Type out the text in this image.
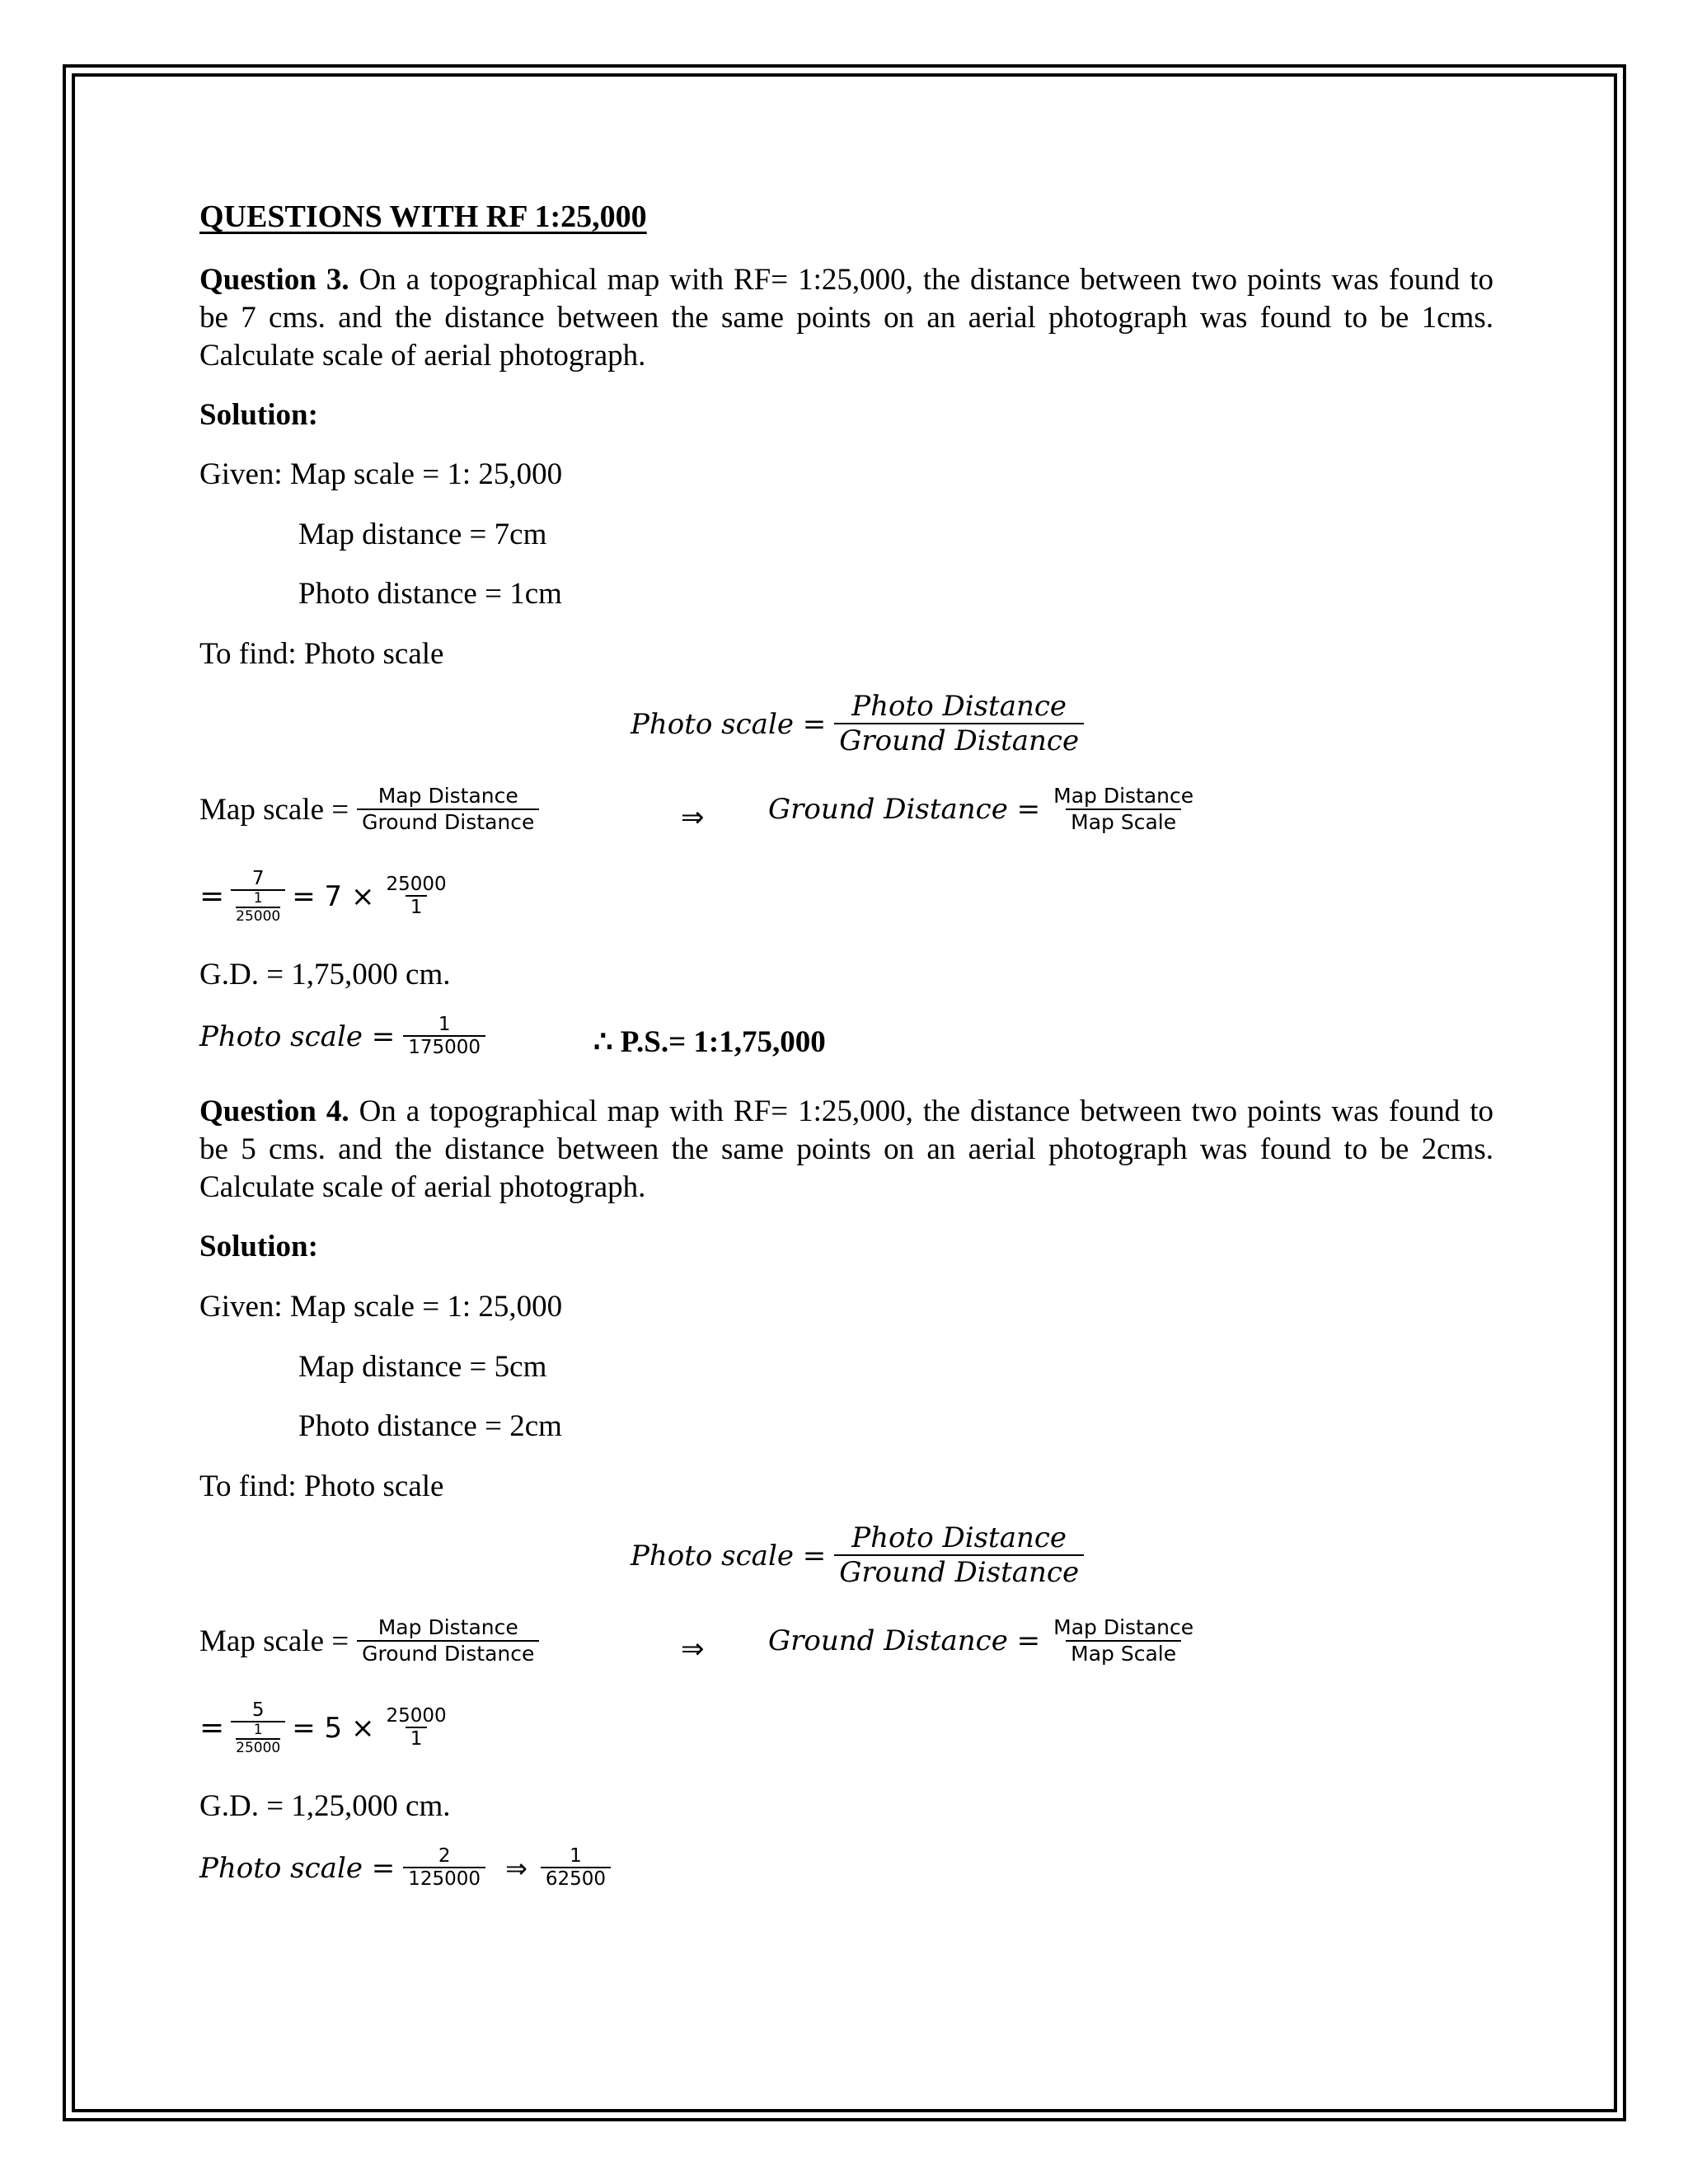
QUESTIONS WITH RF 1:25,000
Question 3. On a topographical map with RF= 1:25,000, the distance between two points was found to be 7 cms. and the distance between the same points on an aerial photograph was found to be 1cms. Calculate scale of aerial photograph.
Solution:
Given: Map scale = 1: 25,000
Map distance = 7cm
Photo distance = 1cm
To find: Photo scale
Photo scale = $\frac{\text{Photo Distance}}{\text{Ground Distance}}$
Map scale = $\frac{\text{Map Distance}}{\text{Ground Distance}}$	⇒ Ground Distance = $\frac{\text{Map Distance}}{\text{Map Scale}}$
= $\frac{7}{\frac{1}{25000}} = 7 \times \frac{25000}{1}$
G.D. = 1,75,000 cm.
Photo scale = $\frac{1}{175000}$	∴ P.S.= 1:1,75,000
Question 4. On a topographical map with RF= 1:25,000, the distance between two points was found to be 5 cms. and the distance between the same points on an aerial photograph was found to be 2cms. Calculate scale of aerial photograph.
Solution:
Given: Map scale = 1: 25,000
Map distance = 5cm
Photo distance = 2cm
To find: Photo scale
Photo scale = $\frac{\text{Photo Distance}}{\text{Ground Distance}}$
Map scale = $\frac{\text{Map Distance}}{\text{Ground Distance}}$	⇒ Ground Distance = $\frac{\text{Map Distance}}{\text{Map Scale}}$
= $\frac{5}{\frac{1}{25000}} = 5 \times \frac{25000}{1}$
G.D. = 1,25,000 cm.
Photo scale = $\frac{2}{125000}$ ⇒ $\frac{1}{62500}$
